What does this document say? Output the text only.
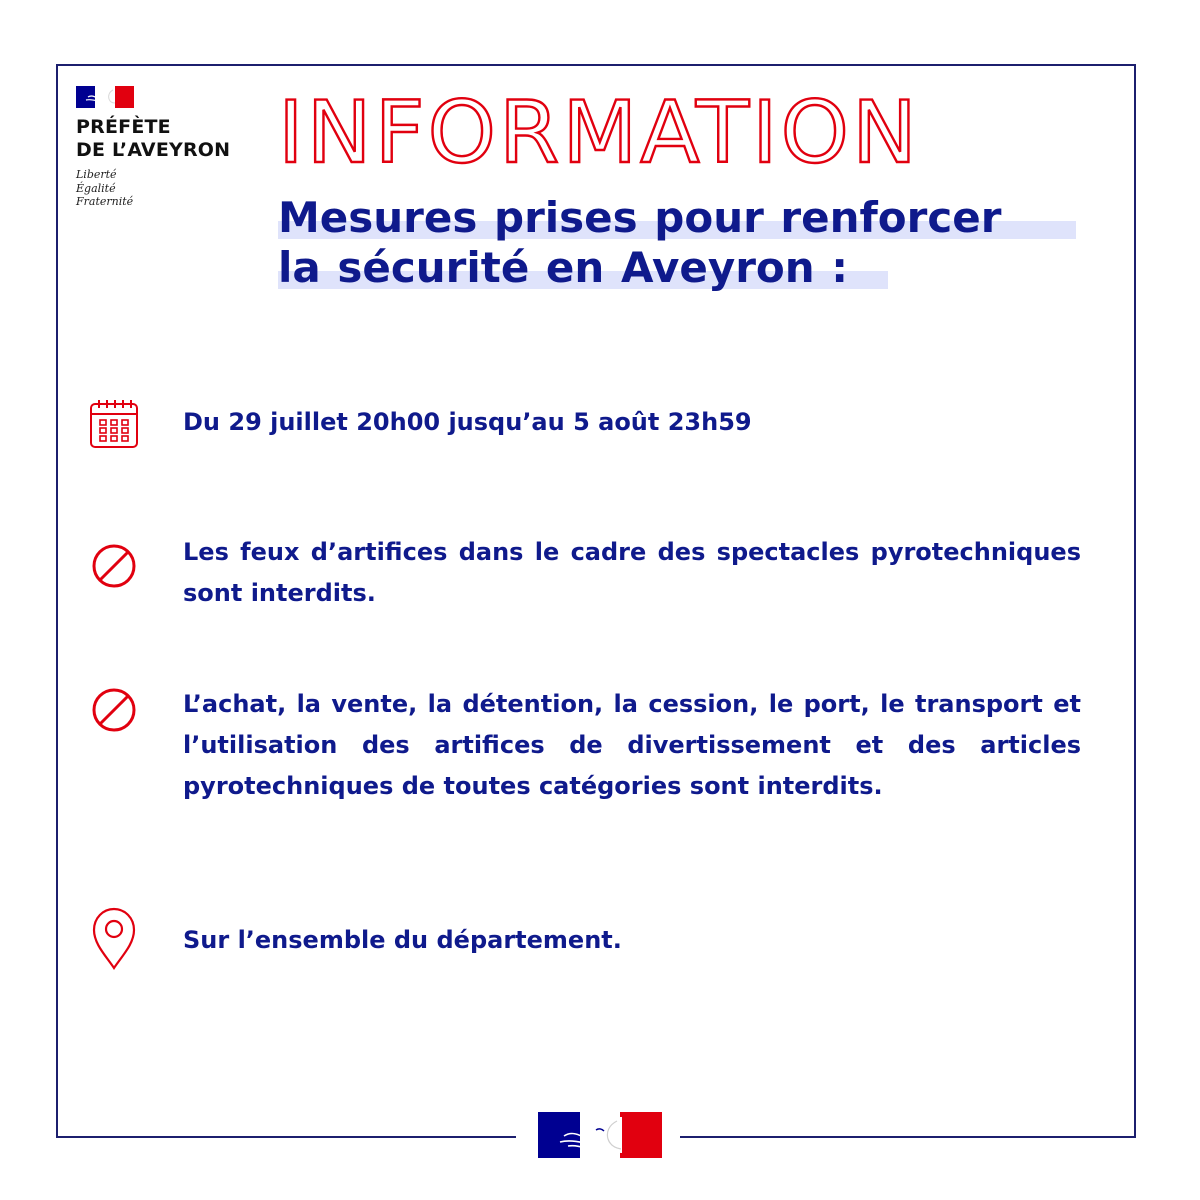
PRÉFÈTE
DE L’AVEYRON
Liberté
Égalité
Fraternité
INFORMATION
Mesures prises pour renforcer
la sécurité en Aveyron :
Du 29 juillet 20h00 jusqu’au 5 août 23h59
Les feux d’artifices dans le cadre des spectacles pyrotechniques sont interdits.
L’achat, la vente, la détention, la cession, le port, le transport et l’utilisation des artifices de divertissement et des articles pyrotechniques de toutes catégories sont interdits.
Sur l’ensemble du département.
